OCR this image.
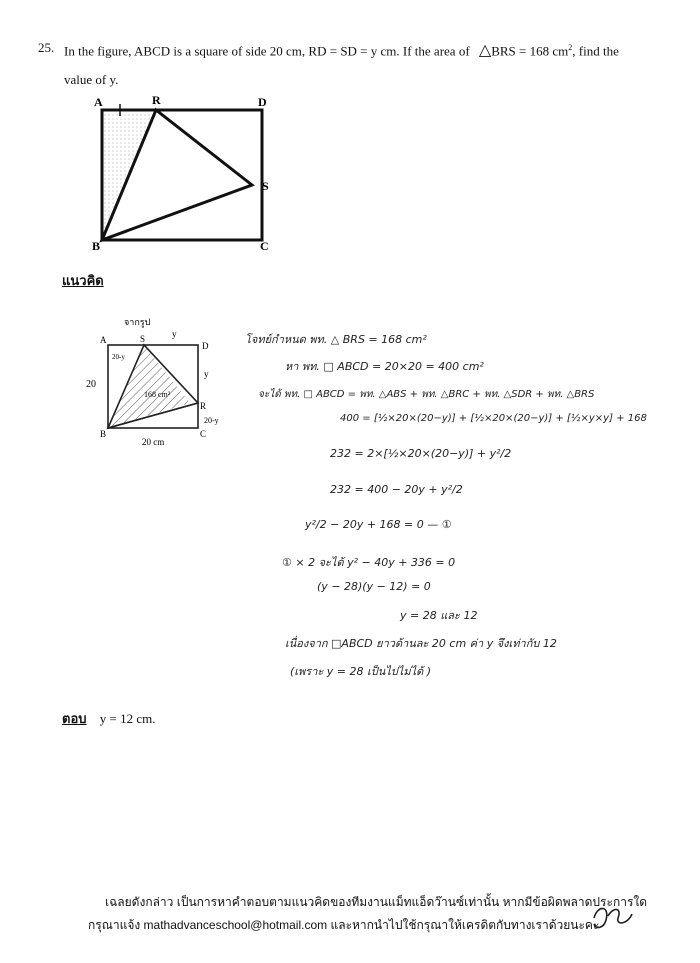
25. In the figure, ABCD is a square of side 20 cm, RD = SD = y cm. If the area of △BRS = 168 $cm^2$, find the
value of y.
A	R	D
S
B	C
แนวคิด
จากรูป
A	S	y
D
20
20-y
168 cm²
y
R
20-y
B	C
20 cm
โจทย์กำหนด พท. △ BRS = 168 cm²
หา พท. □ ABCD = 20×20 = 400 cm²
จะได้ พท. □ ABCD = พท. △ABS + พท. △BRC + พท. △SDR + พท. △BRS
400 = [½×20×(20−y)] + [½×20×(20−y)] + [½×y×y] + 168
232 = 2×[½×20×(20−y)] + y²/2
232 = 400 − 20y + y²/2
y²/2 − 20y + 168 = 0 — ①
① × 2 จะได้ y² − 40y + 336 = 0
(y − 28)(y − 12) = 0
y = 28 และ 12
เนื่องจาก □ABCD ยาวด้านละ 20 cm ค่า y จึงเท่ากับ 12
(เพราะ y = 28 เป็นไปไม่ได้ )
ตอบ y = 12 cm.
เฉลยดังกล่าว เป็นการหาคำตอบตามแนวคิดของทีมงานแม็ทแอ็ดว๊านซ์เท่านั้น หากมีข้อผิดพลาดประการใด
กรุณาแจ้ง mathadvanceschool@hotmail.com และหากนำไปใช้กรุณาให้เครดิตกับทางเราด้วยนะคะ
